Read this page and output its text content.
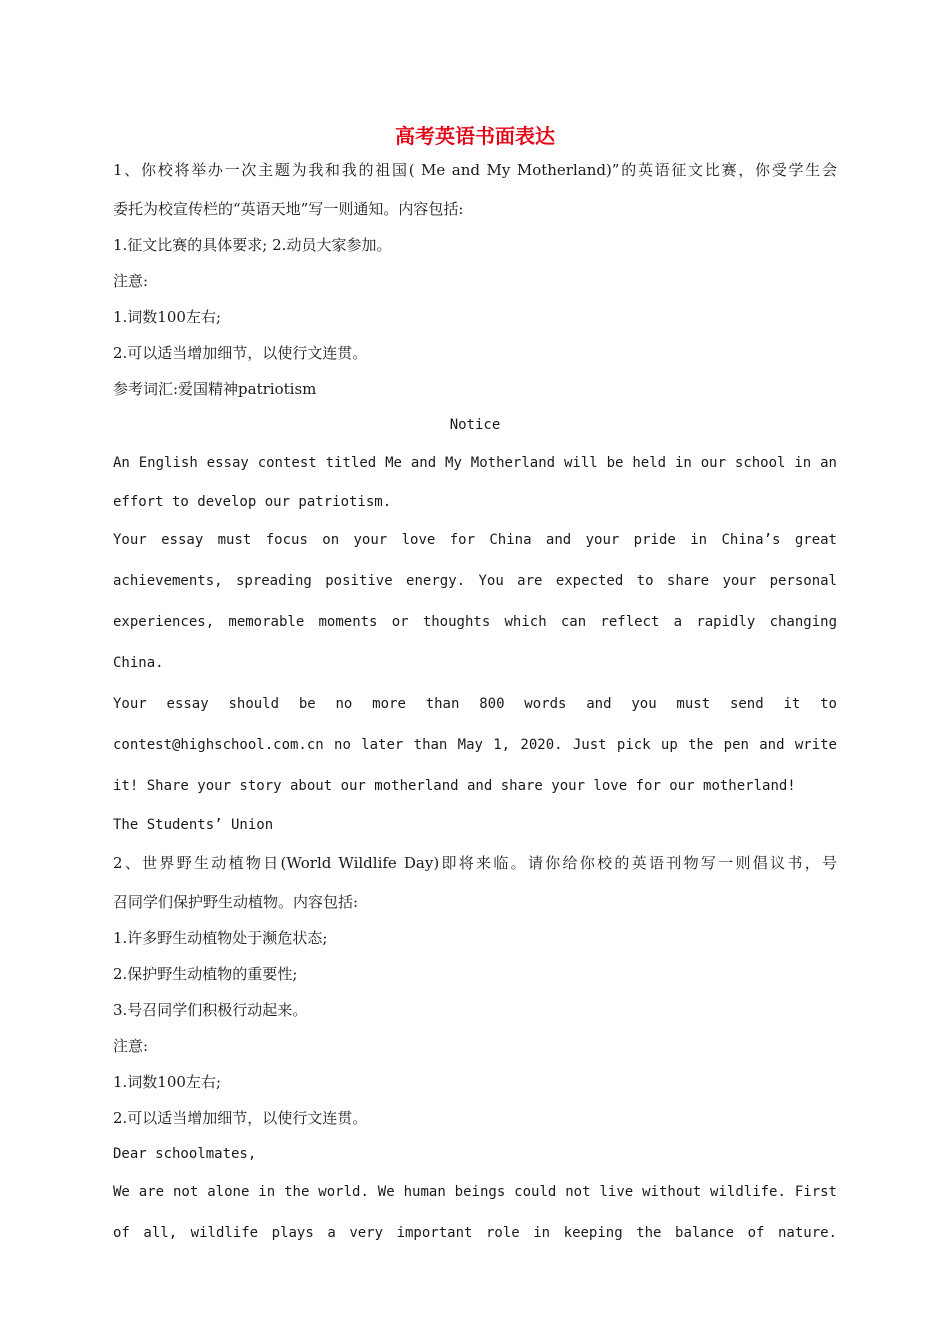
高考英语书面表达
1、你校将举办一次主题为我和我的祖国( Me and My Motherland)”的英语征文比赛，你受学生会
委托为校宣传栏的“英语天地”写一则通知。内容包括:
1.征文比赛的具体要求; 2.动员大家参加。
注意:
1.词数100左右;
2.可以适当增加细节，以使行文连贯。
参考词汇:爱国精神patriotism
Notice
An English essay contest titled Me and My Motherland will be held in our school in an
effort to develop our patriotism.
Your essay must focus on your love for China and your pride in China’s great
achievements, spreading positive energy. You are expected to share your personal
experiences, memorable moments or thoughts which can reflect a rapidly changing China.
Your essay should be no more than 800 words and you must send it to
contest@highschool.com.cn no later than May 1, 2020. Just pick up the pen and write
it! Share your story about our motherland and share your love for our motherland!
The Students’ Union
2、世界野生动植物日(World Wildlife Day)即将来临。请你给你校的英语刊物写一则倡议书，号
召同学们保护野生动植物。内容包括:
1.许多野生动植物处于濒危状态;
2.保护野生动植物的重要性;
3.号召同学们积极行动起来。
注意:
1.词数100左右;
2.可以适当增加细节，以使行文连贯。
Dear schoolmates,
We are not alone in the world. We human beings could not live without wildlife. First
of all, wildlife plays a very important role in keeping the balance of nature.
